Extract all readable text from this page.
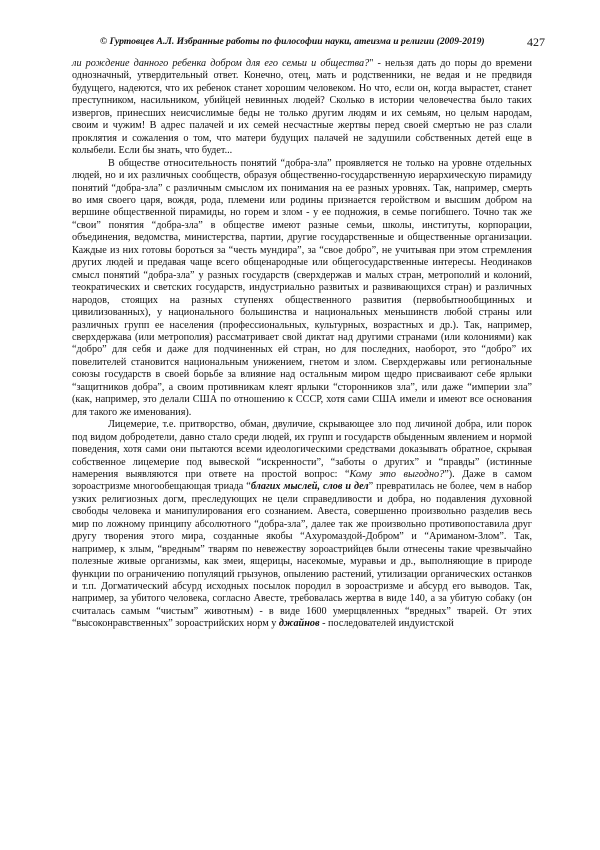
© Гуртовцев А.Л. Избранные работы по философии науки, атеизма и религии (2009-2019)	427

ли рождение данного ребенка добром для его семьи и общества?" - нельзя дать до поры до времени однозначный, утвердительный ответ. Конечно, отец, мать и родственники, не ведая и не предвидя будущего, надеются, что их ребенок станет хорошим человеком. Но что, если он, когда вырастет, станет преступником, насильником, убийцей невинных людей? Сколько в истории человечества было таких извергов, принесших неисчислимые беды не только другим людям и их семьям, но целым народам, своим и чужим! В адрес палачей и их семей несчастные жертвы перед своей смертью не раз слали проклятия и сожаления о том, что матери будущих палачей не задушили собственных детей еще в колыбели. Если бы знать, что будет...

В обществе относительность понятий “добра-зла” проявляется не только на уровне отдельных людей, но и их различных сообществ, образуя общественно-государственную иерархическую пирамиду понятий “добра-зла” с различным смыслом их понимания на ее разных уровнях. Так, например, смерть во имя своего царя, вождя, рода, племени или родины признается геройством и высшим добром на вершине общественной пирамиды, но горем и злом - у ее подножия, в семье погибшего. Точно так же “свои” понятия “добра-зла” в обществе имеют разные семьи, школы, институты, корпорации, объединения, ведомства, министерства, партии, другие государственные и общественные организации. Каждые из них готовы бороться за “честь мундира”, за “свое добро”, не учитывая при этом стремления других людей и предавая чаще всего общенародные или общегосударственные интересы. Неодинаков смысл понятий “добра-зла” у разных государств (сверхдержав и малых стран, метрополий и колоний, теократических и светских государств, индустриально развитых и развивающихся стран) и различных народов, стоящих на разных ступенях общественного развития (первобытнообщинных и цивилизованных), у национального большинства и национальных меньшинств любой страны или различных групп ее населения (профессиональных, культурных, возрастных и др.). Так, например, сверхдержава (или метрополия) рассматривает свой диктат над другими странами (или колониями) как “добро” для себя и даже для подчиненных ей стран, но для последних, наоборот, это “добро” их повелителей становится национальным унижением, гнетом и злом. Сверхдержавы или региональные союзы государств в своей борьбе за влияние над остальным миром щедро присваивают себе ярлыки “защитников добра”, а своим противникам клеят ярлыки “сторонников зла”, или даже “империи зла” (как, например, это делали США по отношению к СССР, хотя сами США имели и имеют все основания для такого же именования).

Лицемерие, т.е. притворство, обман, двуличие, скрывающее зло под личиной добра, или порок под видом добродетели, давно стало среди людей, их групп и государств обыденным явлением и нормой поведения, хотя сами они пытаются всеми идеологическими средствами доказывать обратное, скрывая собственное лицемерие под вывеской “искренности”, “заботы о других” и “правды” (истинные намерения выявляются при ответе на простой вопрос: “Кому это выгодно?”). Даже в самом зороастризме многообещающая триада “благих мыслей, слов и дел” превратилась не более, чем в набор узких религиозных догм, преследующих не цели справедливости и добра, но подавления духовной свободы человека и манипулирования его сознанием. Авеста, совершенно произвольно разделив весь мир по ложному принципу абсолютного “добра-зла”, далее так же произвольно противопоставила друг другу творения этого мира, созданные якобы “Ахуромаздой-Добром” и “Ариманом-Злом”. Так, например, к злым, “вредным” тварям по невежеству зороастрийцев были отнесены такие чрезвычайно полезные живые организмы, как змеи, ящерицы, насекомые, муравьи и др., выполняющие в природе функции по ограничению популяций грызунов, опылению растений, утилизации органических останков и т.п. Догматический абсурд исходных посылок породил в зороастризме и абсурд его выводов. Так, например, за убитого человека, согласно Авесте, требовалась жертва в виде 140, а за убитую собаку (он считалась самым “чистым” животным) - в виде 1600 умерщвленных “вредных” тварей. От этих “высоконравственных” зороастрийских норм у джайнов - последователей индуистской
